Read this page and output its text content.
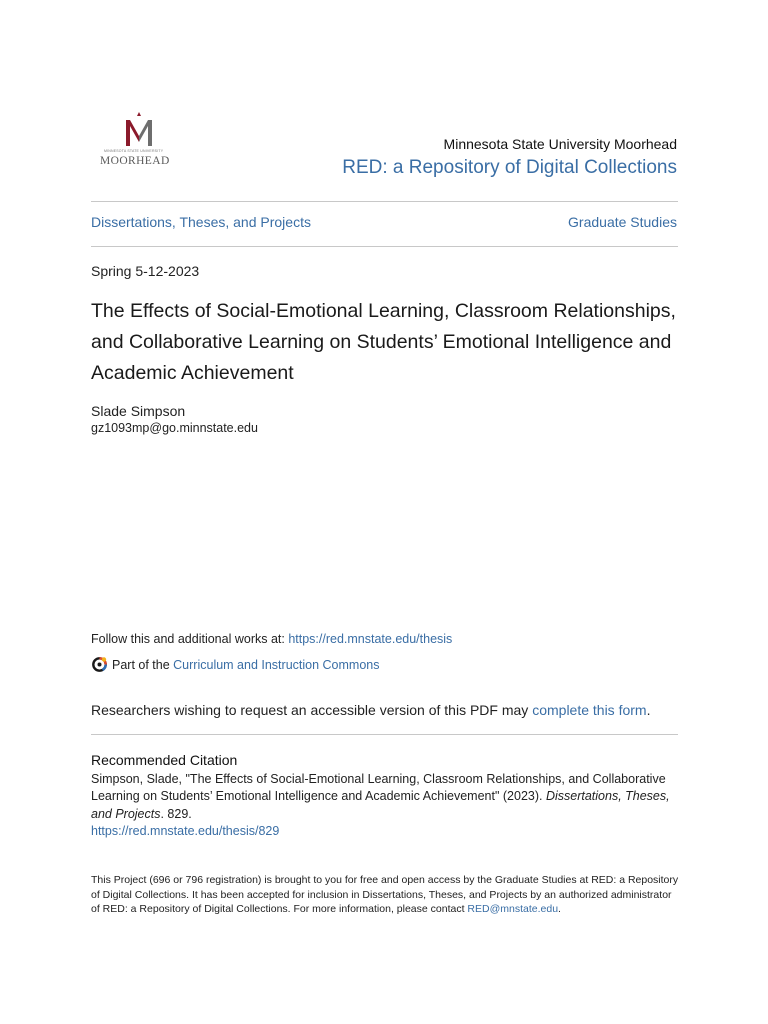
MINNESOTA STATE UNIVERSITY
MOORHEAD
Minnesota State University Moorhead
RED: a Repository of Digital Collections
Dissertations, Theses, and Projects	Graduate Studies
Spring 5-12-2023
The Effects of Social-Emotional Learning, Classroom Relationships, and Collaborative Learning on Students’ Emotional Intelligence and Academic Achievement
Slade Simpson
gz1093mp@go.minnstate.edu
Follow this and additional works at: https://red.mnstate.edu/thesis
Part of the Curriculum and Instruction Commons
Researchers wishing to request an accessible version of this PDF may complete this form.
Recommended Citation
Simpson, Slade, "The Effects of Social-Emotional Learning, Classroom Relationships, and Collaborative Learning on Students’ Emotional Intelligence and Academic Achievement" (2023). Dissertations, Theses, and Projects. 829.
https://red.mnstate.edu/thesis/829
This Project (696 or 796 registration) is brought to you for free and open access by the Graduate Studies at RED: a Repository of Digital Collections. It has been accepted for inclusion in Dissertations, Theses, and Projects by an authorized administrator of RED: a Repository of Digital Collections. For more information, please contact RED@mnstate.edu.
